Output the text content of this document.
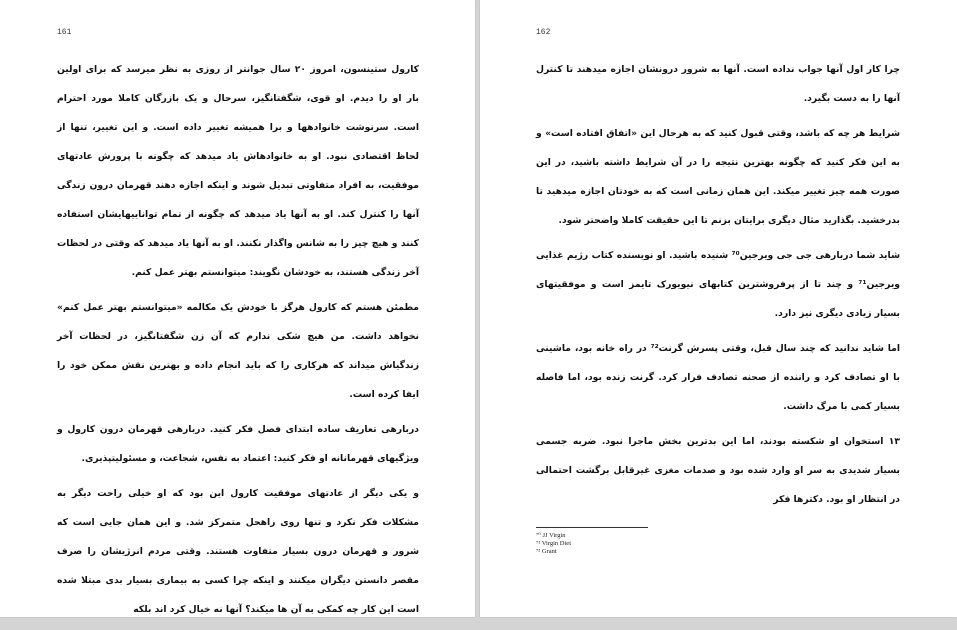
161

کارول ستینسون، امروز ۲۰ سال جوانتر از روزی به نظر میرسد که برای اولین بار او را دیدم. او قوی، شگفتانگیز، سرحال و یک بازرگان کاملا مورد احترام است. سرنوشت خانوادهها و برا همیشه تغییر داده است. و این تغییر، تنها از لحاظ اقتصادی نبود. او به خانوادهاش یاد میدهد که چگونه با پرورش عادتهای موفقیت، به افراد متفاوتی تبدیل شوند و اینکه اجازه دهند قهرمان درون زندگی آنها را کنترل کند. او به آنها یاد میدهد که چگونه از تمام تواناییهایشان استفاده کنند و هیچ چیز را به شانس واگذار نکنند. او به آنها یاد میدهد که وقتی در لحظات آخر زندگی هستند، به خودشان نگویند: میتوانستم بهتر عمل کنم.

مطمئن هستم که کارول هرگز با خودش یک مکالمه «میتوانستم بهتر عمل کنم» نخواهد داشت. من هیچ شکی ندارم که آن زن شگفتانگیز، در لحظات آخر زندگیاش میداند که هرکاری را که باید انجام داده و بهترین نقش ممکن خود را ایفا کرده است.

دربارهی تعاریف ساده ابتدای فصل فکر کنید. دربارهی قهرمان درون کارول و ویژگیهای قهرمانانه او فکر کنید: اعتماد به نفس، شجاعت، و مسئولیتپذیری.

و یکی دیگر از عادتهای موفقیت کارول این بود که او خیلی راحت دیگر به مشکلات فکر نکرد و تنها روی راهحل متمرکز شد. و این همان جایی است که شرور و قهرمان درون بسیار متفاوت هستند. وقتی مردم انرژیشان را صرف مقصر دانستن دیگران میکنند و اینکه چرا کسی به بیماری بسیار بدی مبتلا شده است این کار چه کمکی به آن ها میکند؟ آنها نه خیال کرد اند بلکه

162

چرا کار اول آنها جواب نداده است. آنها به شرور درونشان اجازه میدهند تا کنترل آنها را به دست بگیرد.

شرایط هر چه که باشد، وقتی قبول کنید که به هرحال این «اتفاق افتاده است» و به این فکر کنید که چگونه بهترین نتیجه را در آن شرایط داشته باشید، در این صورت همه چیز تغییر میکند. این همان زمانی است که به خودتان اجازه میدهید تا بدرخشید. بگذارید مثال دیگری برایتان بزنم تا این حقیقت کاملا واضحتر شود.

شاید شما دربارهی جی جی ویرجین⁷⁰ شنیده باشید. او نویسنده کتاب رژیم غذایی ویرجین⁷¹ و چند تا از پرفروشترین کتابهای نیویورک تایمز است و موفقیتهای بسیار زیادی دیگری نیز دارد.

اما شاید ندانید که چند سال قبل، وقتی پسرش گرنت⁷² در راه خانه بود، ماشینی با او تصادف کرد و راننده از صحنه تصادف فرار کرد. گرنت زنده بود، اما فاصله بسیار کمی با مرگ داشت.

۱۳ استخوان او شکسته بودند، اما این بدترین بخش ماجرا نبود. ضربه جسمی بسیار شدیدی به سر او وارد شده بود و صدمات مغزی غیرقابل برگشت احتمالی در انتظار او بود. دکترها فکر

⁷⁰ JJ Virgin
⁷¹ Virgin Diet
⁷² Grant
